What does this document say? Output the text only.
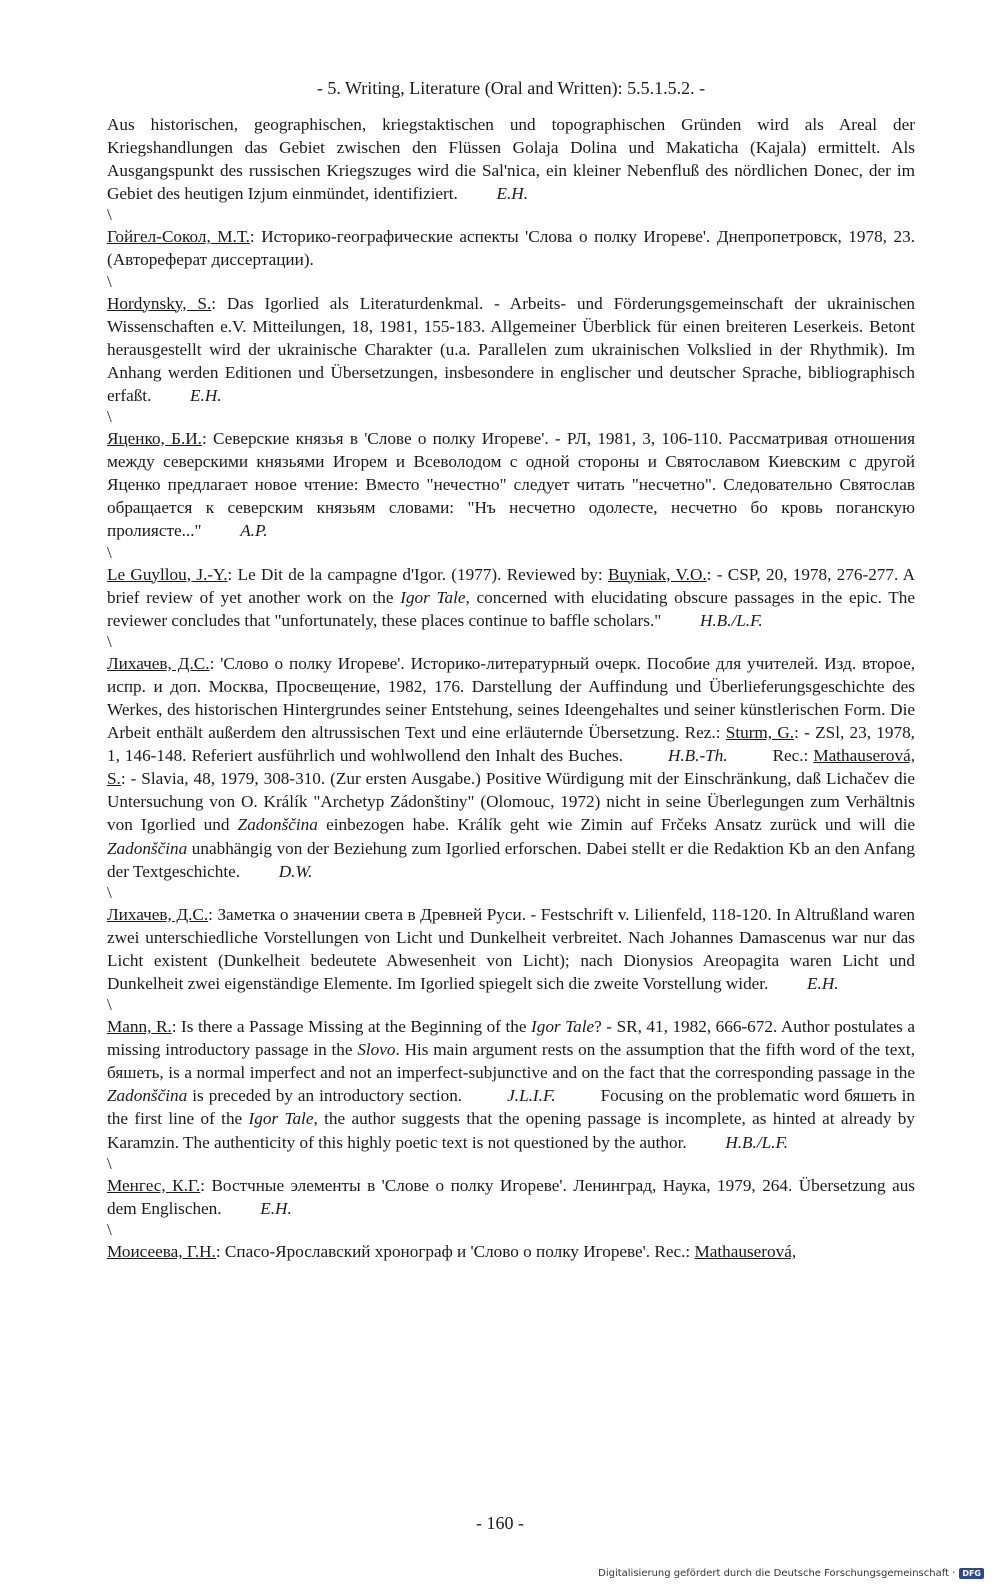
- 5. Writing, Literature (Oral and Written): 5.5.1.5.2. -

Aus historischen, geographischen, kriegstaktischen und topographischen Gründen wird als Areal der Kriegshandlungen das Gebiet zwischen den Flüssen Golaja Dolina und Makaticha (Kajala) ermittelt. Als Ausgangspunkt des russischen Kriegszuges wird die Sal'nica, ein kleiner Nebenfluß des nördlichen Donec, der im Gebiet des heutigen Izjum einmündet, identifiziert. E.H.

\

Гойгел-Сокол, М.Т.: Историко-географические аспекты 'Слова о полку Игореве'. Днепропетровск, 1978, 23. (Автореферат диссертации).

\

Hordynsky, S.: Das Igorlied als Literaturdenkmal. - Arbeits- und Förderungsgemeinschaft der ukrainischen Wissenschaften e.V. Mitteilungen, 18, 1981, 155-183. Allgemeiner Überblick für einen breiteren Leserkeis. Betont herausgestellt wird der ukrainische Charakter (u.a. Parallelen zum ukrainischen Volkslied in der Rhythmik). Im Anhang werden Editionen und Übersetzungen, insbesondere in englischer und deutscher Sprache, bibliographisch erfaßt. E.H.

\

Яценко, Б.И.: Северские князья в 'Слове о полку Игореве'. - РЛ, 1981, 3, 106-110. Рассматривая отношения между северскими князьями Игорем и Всеволодом с одной стороны и Святославом Киевским с другой Яценко предлагает новое чтение: Вместо "нечестно" следует читать "несчетно". Следовательно Святослав обращается к северским князьям словами: "Нъ несчетно одолесте, несчетно бо кровь поганскую пролиясте..." A.P.

\

Le Guyllou, J.-Y.: Le Dit de la campagne d'Igor. (1977). Reviewed by: Buyniak, V.O.: - CSP, 20, 1978, 276-277. A brief review of yet another work on the Igor Tale, concerned with elucidating obscure passages in the epic. The reviewer concludes that "unfortunately, these places continue to baffle scholars." H.B./L.F.

\

Лихачев, Д.С.: 'Слово о полку Игореве'. Историко-литературный очерк. Пособие для учителей. Изд. второе, испр. и доп. Москва, Просвещение, 1982, 176. Darstellung der Auffindung und Überlieferungsgeschichte des Werkes, des historischen Hintergrundes seiner Entstehung, seines Ideengehaltes und seiner künstlerischen Form. Die Arbeit enthält außerdem den altrussischen Text und eine erläuternde Übersetzung. Rez.: Sturm, G.: - ZSl, 23, 1978, 1, 146-148. Referiert ausführlich und wohlwollend den Inhalt des Buches.	H.B.-Th.	Rec.: Mathauserová, S.: - Slavia, 48, 1979, 308-310. (Zur ersten Ausgabe.) Positive Würdigung mit der Einschränkung, daß Lichačev die Untersuchung von O. Králík "Archetyp Zádonštiny" (Olomouc, 1972) nicht in seine Überlegungen zum Verhältnis von Igorlied und Zadonščina einbezogen habe. Králík geht wie Zimin auf Frčeks Ansatz zurück und will die Zadonščina unabhängig von der Beziehung zum Igorlied erforschen. Dabei stellt er die Redaktion Kb an den Anfang der Textgeschichte. D.W.

\

Лихачев, Д.С.: Заметка о значении света в Древней Руси. - Festschrift v. Lilienfeld, 118-120. In Altrußland waren zwei unterschiedliche Vorstellungen von Licht und Dunkelheit verbreitet. Nach Johannes Damascenus war nur das Licht existent (Dunkelheit bedeutete Abwesenheit von Licht); nach Dionysios Areopagita waren Licht und Dunkelheit zwei eigenständige Elemente. Im Igorlied spiegelt sich die zweite Vorstellung wider. E.H.

\

Mann, R.: Is there a Passage Missing at the Beginning of the Igor Tale? - SR, 41, 1982, 666-672. Author postulates a missing introductory passage in the Slovo. His main argument rests on the assumption that the fifth word of the text, бяшеть, is a normal imperfect and not an imperfect-subjunctive and on the fact that the corresponding passage in the Zadonščina is preceded by an introductory section.	J.L.I.F.	Focusing on the problematic word бяшеть in the first line of the Igor Tale, the author suggests that the opening passage is incomplete, as hinted at already by Karamzin. The authenticity of this highly poetic text is not questioned by the author. H.B./L.F.

\

Менгес, К.Г.: Востчные элементы в 'Слове о полку Игореве'. Ленинград, Наука, 1979, 264. Übersetzung aus dem Englischen. E.H.

\

Моисеева, Г.Н.: Спасо-Ярославский хронограф и 'Слово о полку Игореве'. Rec.: Mathauserová,

- 160 -
Digitalisierung gefördert durch die Deutsche Forschungsgemeinschaft · DFG
